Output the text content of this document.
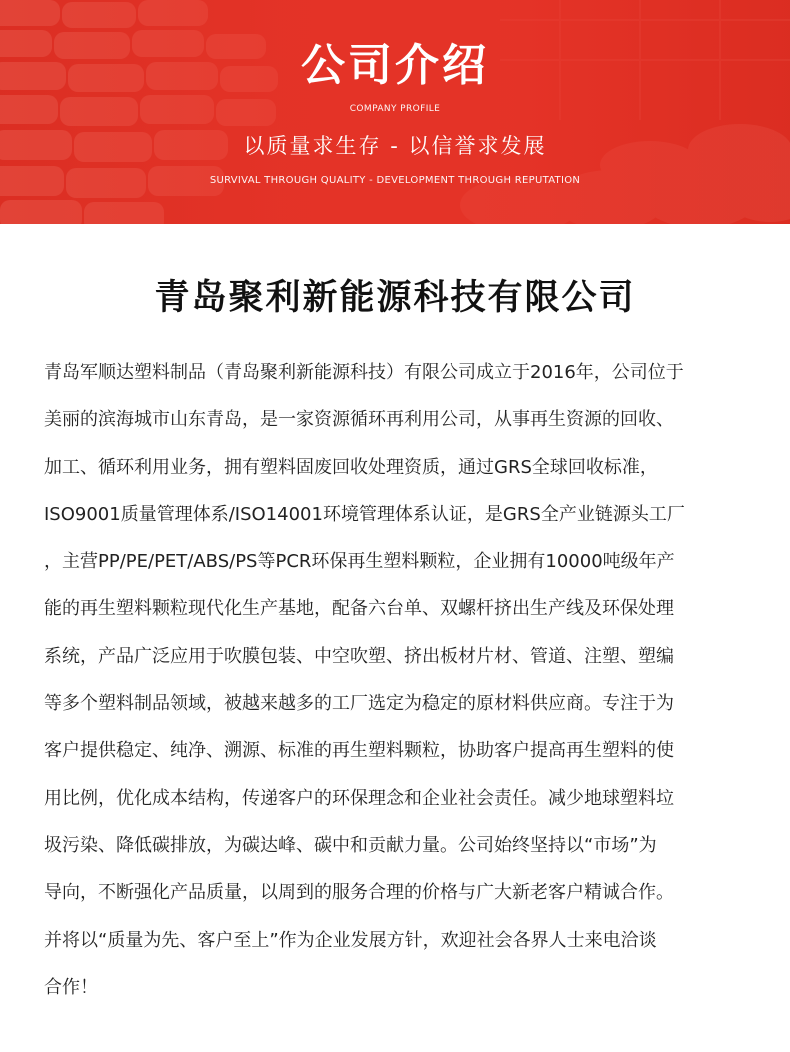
公司介绍
COMPANY PROFILE
以质量求生存 - 以信誉求发展
SURVIVAL THROUGH QUALITY - DEVELOPMENT THROUGH REPUTATION
青岛聚利新能源科技有限公司
青岛军顺达塑料制品（青岛聚利新能源科技）有限公司成立于2016年，公司位于
美丽的滨海城市山东青岛，是一家资源循环再利用公司，从事再生资源的回收、
加工、循环利用业务，拥有塑料固废回收处理资质，通过GRS全球回收标准，
ISO9001质量管理体系/ISO14001环境管理体系认证，是GRS全产业链源头工厂
，主营PP/PE/PET/ABS/PS等PCR环保再生塑料颗粒，企业拥有10000吨级年产
能的再生塑料颗粒现代化生产基地，配备六台单、双螺杆挤出生产线及环保处理
系统，产品广泛应用于吹膜包装、中空吹塑、挤出板材片材、管道、注塑、塑编
等多个塑料制品领域，被越来越多的工厂选定为稳定的原材料供应商。专注于为
客户提供稳定、纯净、溯源、标准的再生塑料颗粒，协助客户提高再生塑料的使
用比例，优化成本结构，传递客户的环保理念和企业社会责任。减少地球塑料垃
圾污染、降低碳排放，为碳达峰、碳中和贡献力量。公司始终坚持以“市场”为
导向，不断强化产品质量，以周到的服务合理的价格与广大新老客户精诚合作。
并将以“质量为先、客户至上”作为企业发展方针，欢迎社会各界人士来电洽谈
合作！
